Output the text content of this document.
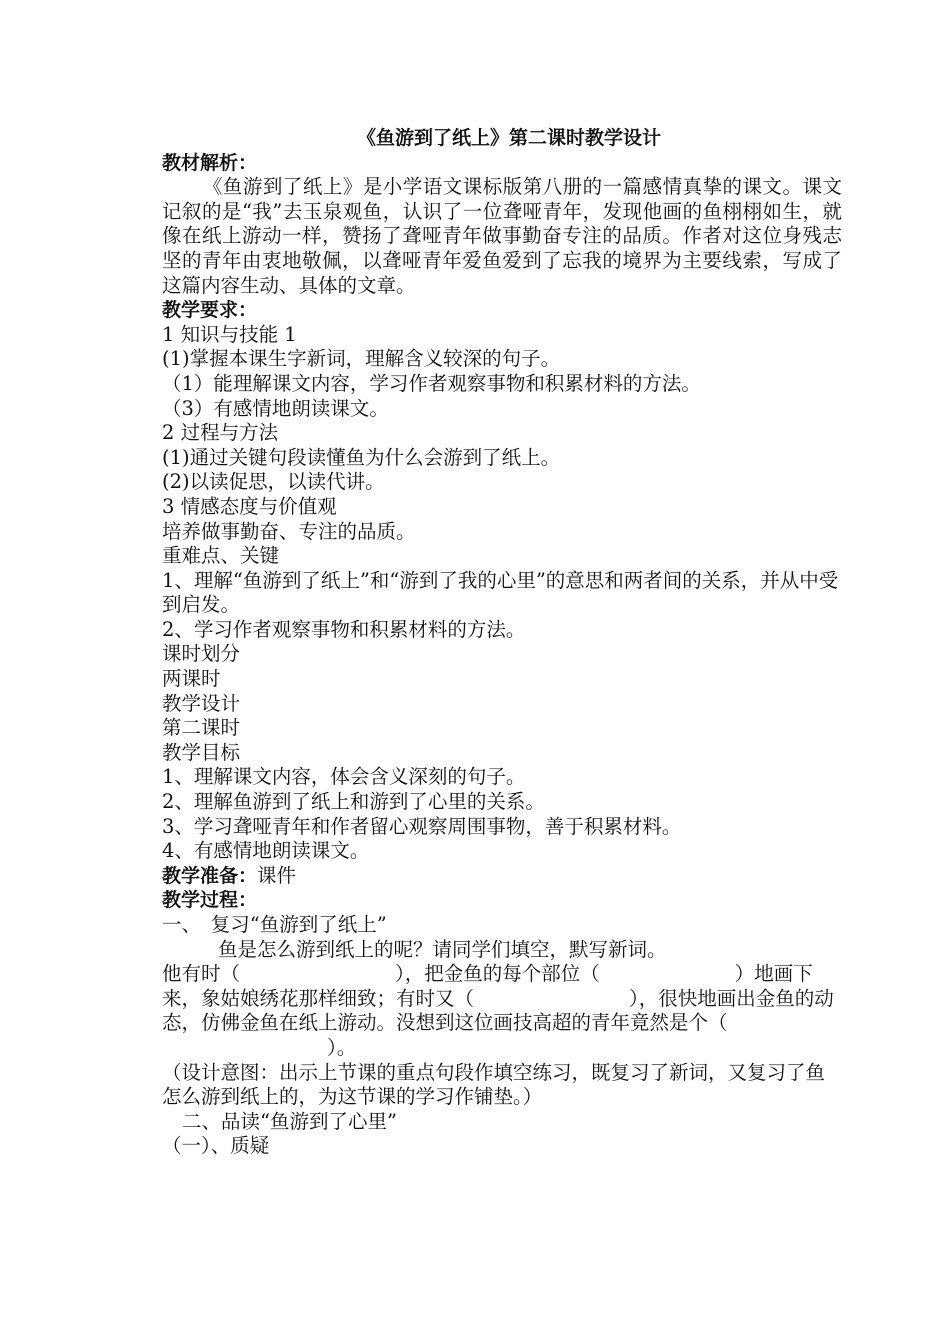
《鱼游到了纸上》第二课时教学设计
教材解析：
《鱼游到了纸上》是小学语文课标版第八册的一篇感情真挚的课文。课文记叙的是“我”去玉泉观鱼，认识了一位聋哑青年，发现他画的鱼栩栩如生，就像在纸上游动一样，赞扬了聋哑青年做事勤奋专注的品质。作者对这位身残志坚的青年由衷地敬佩，以聋哑青年爱鱼爱到了忘我的境界为主要线索，写成了这篇内容生动、具体的文章。
教学要求：
1 知识与技能 1
(1)掌握本课生字新词，理解含义较深的句子。
（1）能理解课文内容，学习作者观察事物和积累材料的方法。
（3）有感情地朗读课文。
2 过程与方法
(1)通过关键句段读懂鱼为什么会游到了纸上。
(2)以读促思，以读代讲。
3 情感态度与价值观
培养做事勤奋、专注的品质。
重难点、关键
1、理解“鱼游到了纸上”和“游到了我的心里”的意思和两者间的关系，并从中受到启发。
2、学习作者观察事物和积累材料的方法。
课时划分
两课时
教学设计
第二课时
教学目标
1、理解课文内容，体会含义深刻的句子。
2、理解鱼游到了纸上和游到了心里的关系。
3、学习聋哑青年和作者留心观察周围事物，善于积累材料。
4、有感情地朗读课文。
教学准备：课件
教学过程：
一、　复习“鱼游到了纸上”
鱼是怎么游到纸上的呢？请同学们填空，默写新词。
他有时（	），把金鱼的每个部位（	）地画下来，象姑娘绣花那样细致；有时又（	），很快地画出金鱼的动态，仿佛金鱼在纸上游动。没想到这位画技高超的青年竟然是个（）。
（设计意图：出示上节课的重点句段作填空练习，既复习了新词，又复习了鱼怎么游到纸上的，为这节课的学习作铺垫。）
二、品读“鱼游到了心里”
（一）、质疑
